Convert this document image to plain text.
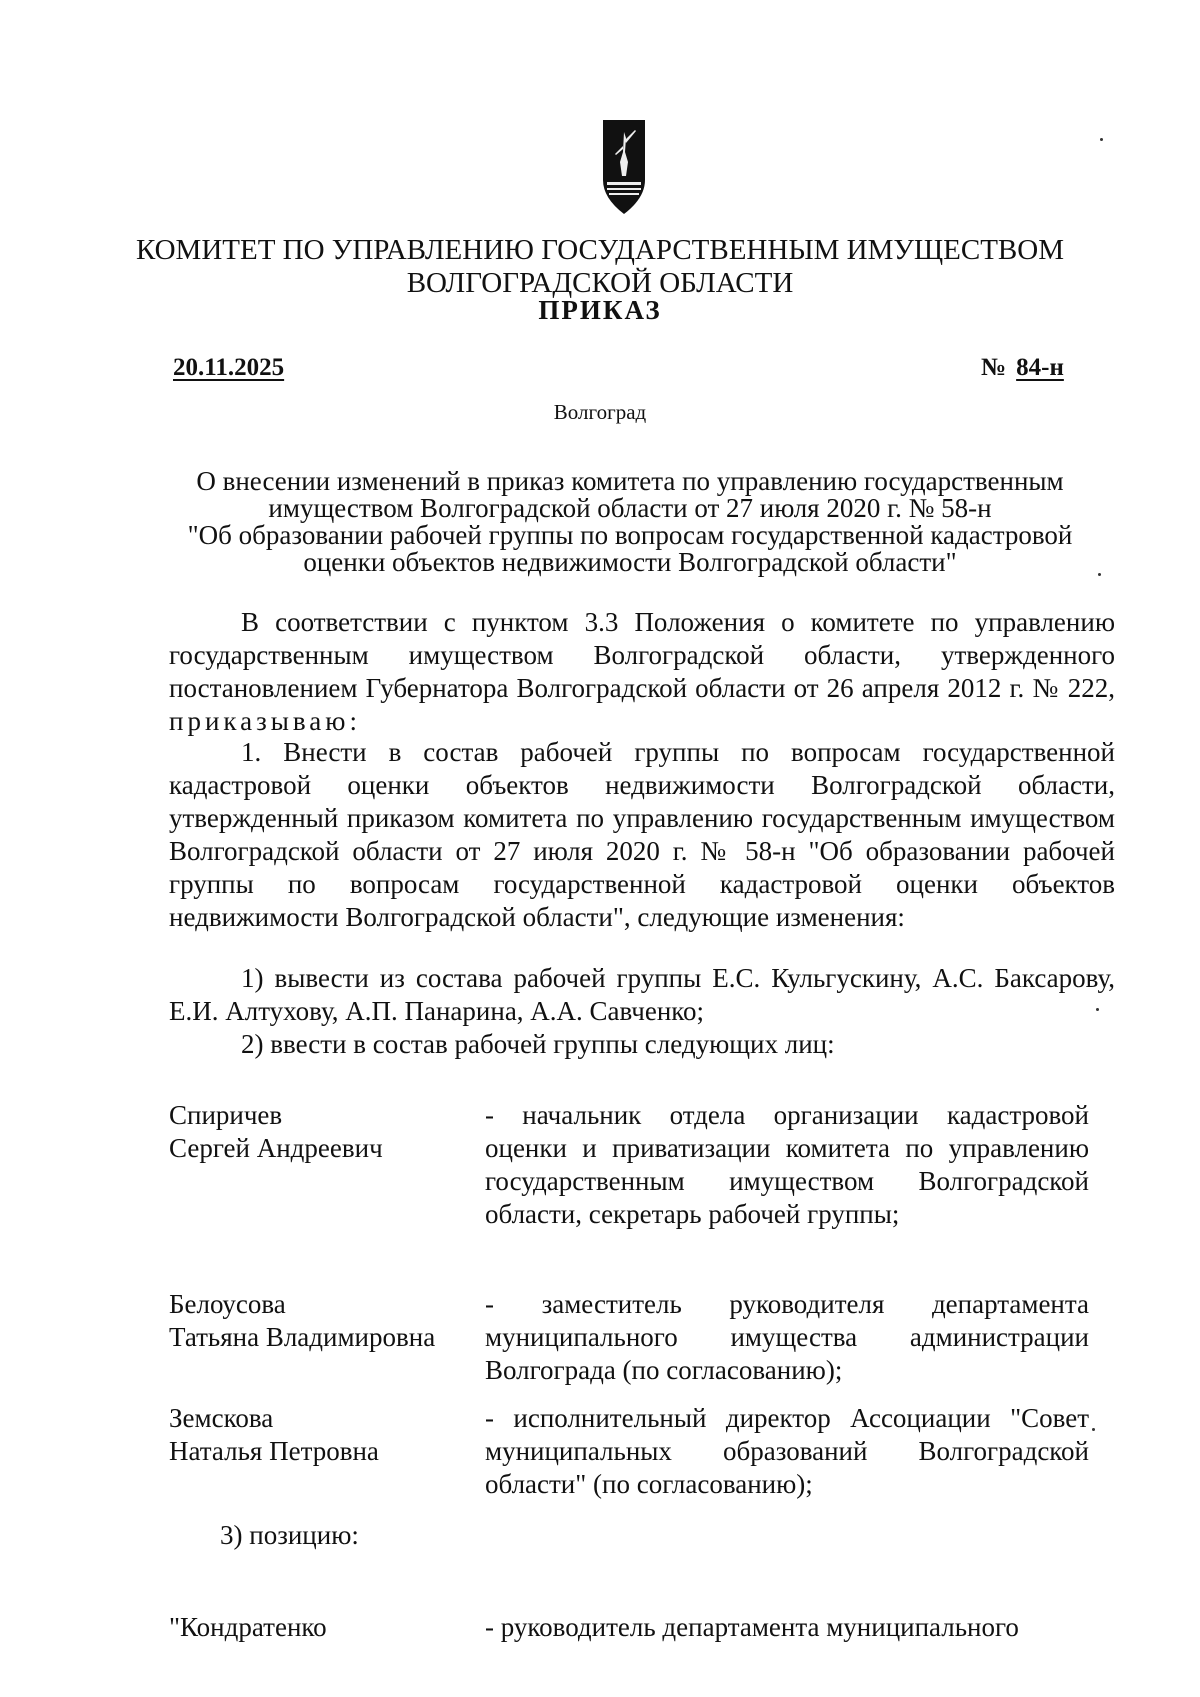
КОМИТЕТ ПО УПРАВЛЕНИЮ ГОСУДАРСТВЕННЫМ ИМУЩЕСТВОМ
ВОЛГОГРАДСКОЙ ОБЛАСТИ
ПРИКАЗ
20.11.2025	№ 84-н
Волгоград
О внесении изменений в приказ комитета по управлению государственным
имуществом Волгоградской области от 27 июля 2020 г. № 58-н
"Об образовании рабочей группы по вопросам государственной кадастровой
оценки объектов недвижимости Волгоградской области"

В соответствии с пунктом 3.3 Положения о комитете по управлению государственным имуществом Волгоградской области, утвержденного постановлением Губернатора Волгоградской области от 26 апреля 2012 г. № 222, приказываю:

1. Внести в состав рабочей группы по вопросам государственной кадастровой оценки объектов недвижимости Волгоградской области, утвержденный приказом комитета по управлению государственным имуществом Волгоградской области от 27 июля 2020 г. № 58-н "Об образовании рабочей группы по вопросам государственной кадастровой оценки объектов недвижимости Волгоградской области", следующие изменения:

1) вывести из состава рабочей группы Е.С. Кульгускину, А.С. Баксарову, Е.И. Алтухову, А.П. Панарина, А.А. Савченко;

2) ввести в состав рабочей группы следующих лиц:

Спиричев
Сергей Андреевич
- начальник отдела организации кадастровой оценки и приватизации комитета по управлению государственным имуществом Волгоградской области, секретарь рабочей группы;
Белоусова
Татьяна Владимировна
- заместитель руководителя департамента муниципального имущества администрации Волгограда (по согласованию);
Земскова
Наталья Петровна
- исполнительный директор Ассоциации "Совет муниципальных образований Волгоградской области" (по согласованию);
3) позицию:
"Кондратенко	- руководитель департамента муниципального
